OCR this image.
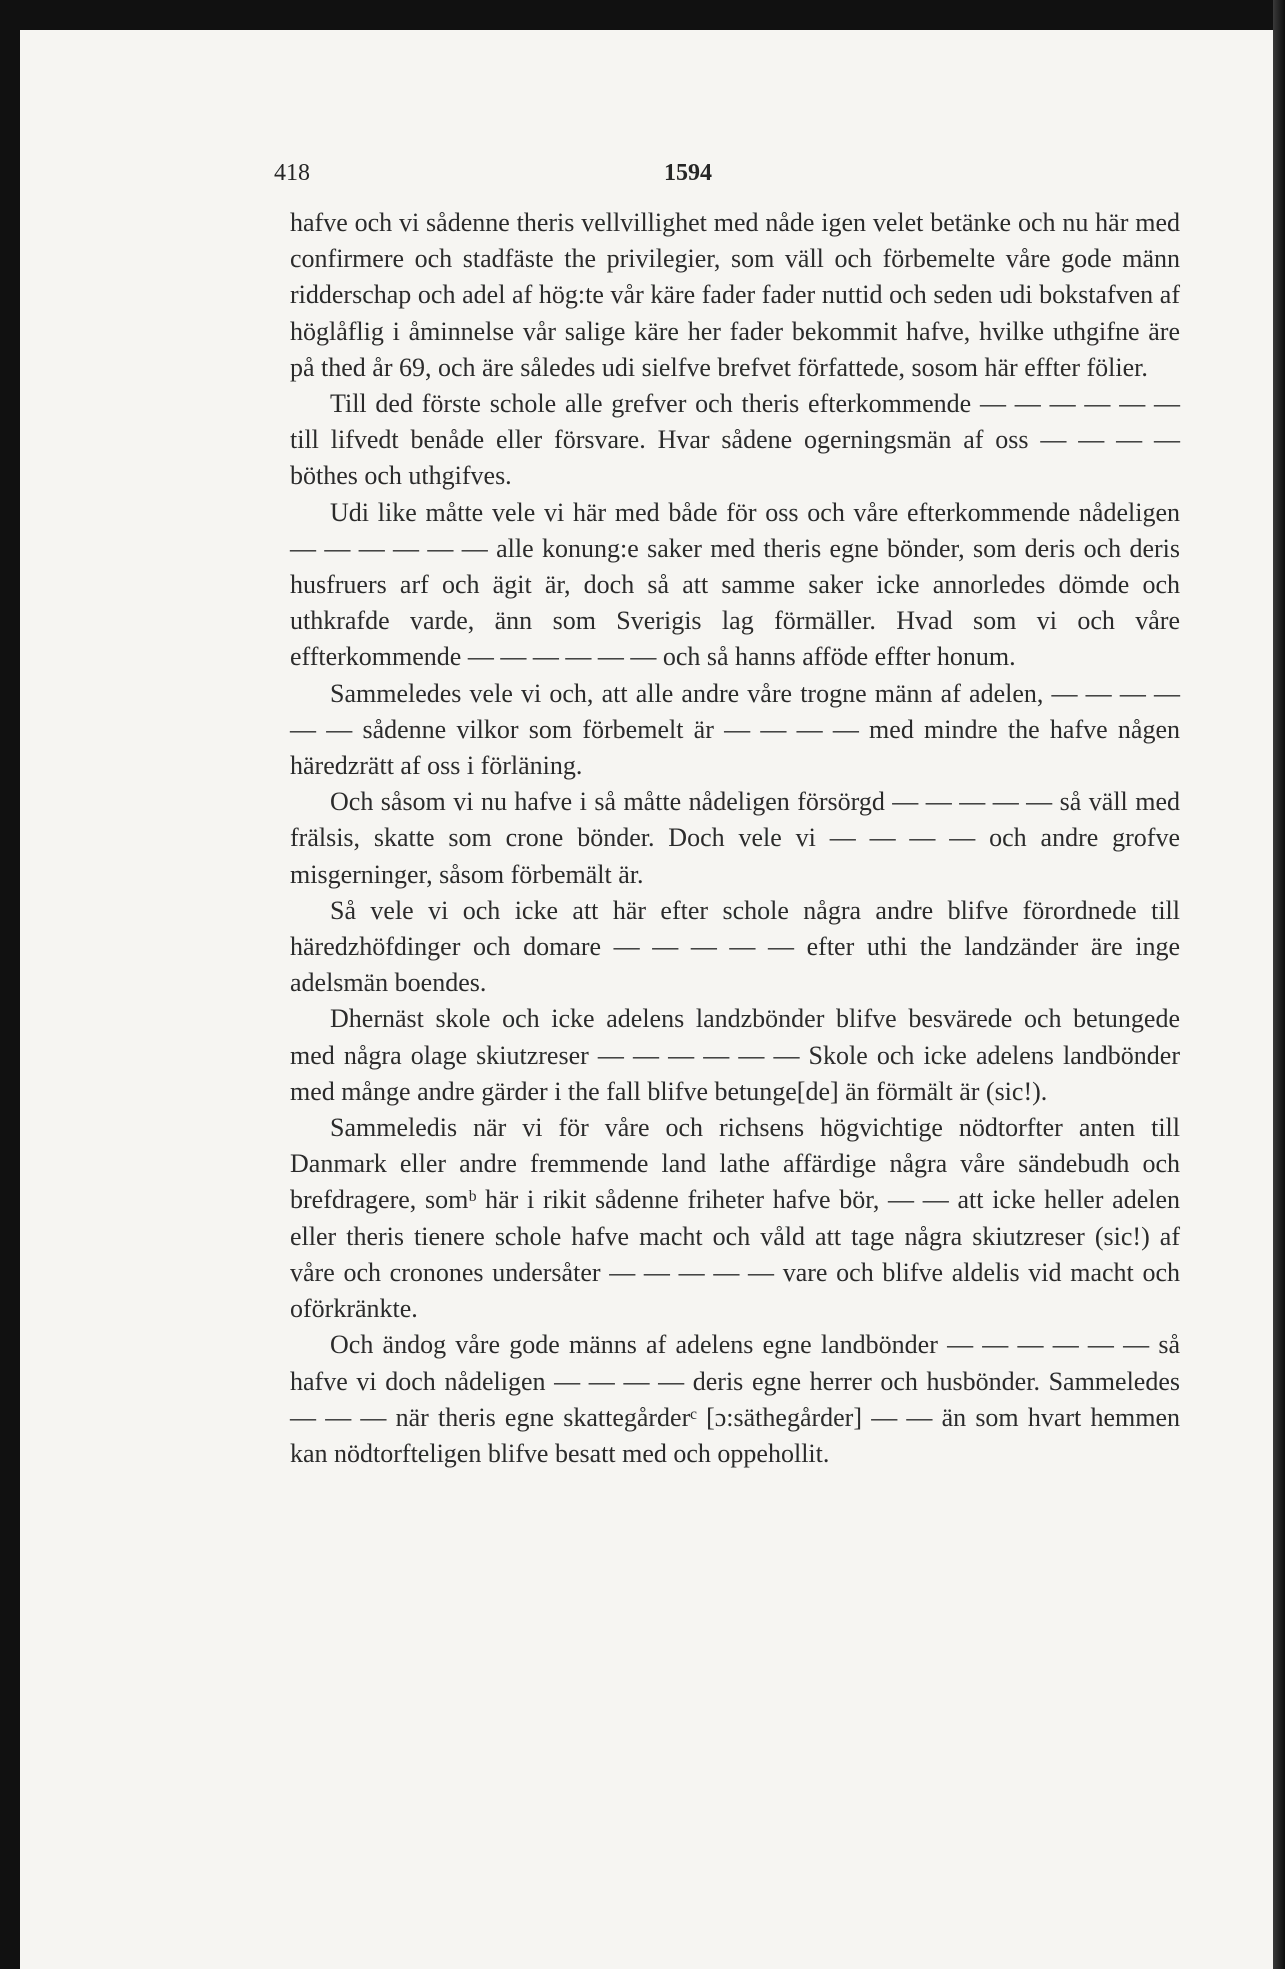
418	1594

hafve och vi sådenne theris vellvillighet med nåde igen velet betänke och nu här med confirmere och stadfäste the privilegier, som väll och förbemelte våre gode männ ridderschap och adel af hög:te vår käre fader fader nuttid och seden udi bokstafven af höglåflig i åminnelse vår salige käre her fader bekommit hafve, hvilke uthgifne äre på thed år 69, och äre således udi sielfve brefvet författede, sosom här effter fölier.

Till ded förste schole alle grefver och theris efterkommende — — — — — — till lifvedt benåde eller försvare. Hvar sådene ogerningsmän af oss — — — — böthes och uthgifves.

Udi like måtte vele vi här med både för oss och våre efterkommende nådeligen — — — — — — alle konung:e saker med theris egne bönder, som deris och deris husfruers arf och ägit är, doch så att samme saker icke annorledes dömde och uthkrafde varde, änn som Sverigis lag förmäller. Hvad som vi och våre effterkommende — — — — — — och så hanns afföde effter honum.

Sammeledes vele vi och, att alle andre våre trogne männ af adelen, — — — — — — sådenne vilkor som förbemelt är — — — — med mindre the hafve någen häredzrätt af oss i förläning.

Och såsom vi nu hafve i så måtte nådeligen försörgd — — — — — så väll med frälsis, skatte som crone bönder. Doch vele vi — — — — och andre grofve misgerninger, såsom förbemält är.

Så vele vi och icke att här efter schole några andre blifve förordnede till häredzhöfdinger och domare — — — — — efter uthi the landzänder äre inge adelsmän boendes.

Dhernäst skole och icke adelens landzbönder blifve besvärede och betungede med några olage skiutzreser — — — — — — Skole och icke adelens landbönder med månge andre gärder i the fall blifve betunge[de] än förmält är (sic!).

Sammeledis när vi för våre och richsens högvichtige nödtorfter anten till Danmark eller andre fremmende land lathe affärdige några våre sändebudh och brefdragere, somᵇ här i rikit sådenne friheter hafve bör, — — att icke heller adelen eller theris tienere schole hafve macht och våld att tage några skiutzreser (sic!) af våre och cronones undersåter — — — — — vare och blifve aldelis vid macht och oförkränkte.

Och ändog våre gode männs af adelens egne landbönder — — — — — — så hafve vi doch nådeligen — — — — deris egne herrer och husbönder. Sammeledes — — — när theris egne skattegårderᶜ [ɔ:säthegårder] — — än som hvart hemmen kan nödtorfteligen blifve besatt med och oppehollit.
